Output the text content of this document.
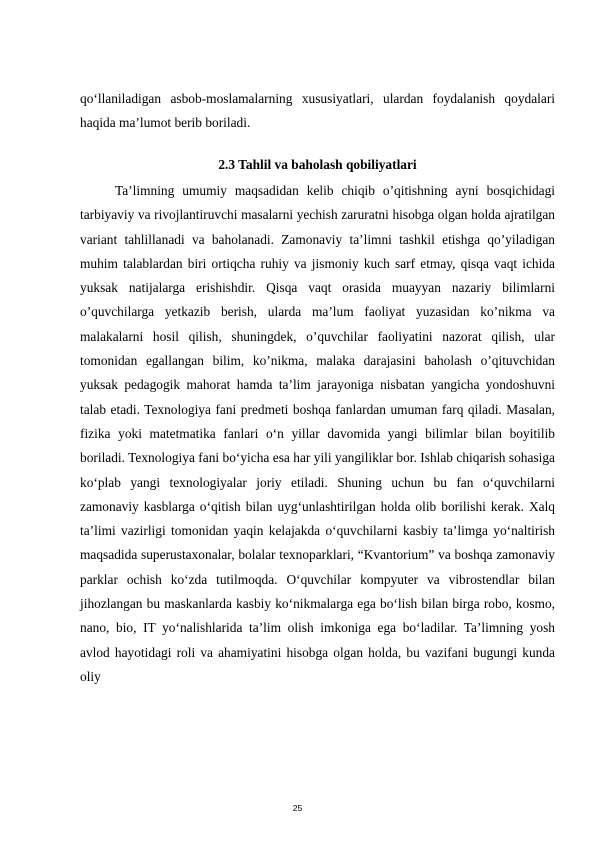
qo‘llaniladigan asbob-moslamalarning xususiyatlari, ulardan foydalanish qoydalari haqida ma’lumot berib boriladi.

2.3 Tahlil va baholash qobiliyatlari

Ta’limning umumiy maqsadidan kelib chiqib o’qitishning ayni bosqichidagi tarbiyaviy va rivojlantiruvchi masalarni yechish zaruratni hisobga olgan holda ajratilgan variant tahlillanadi va baholanadi. Zamonaviy ta’limni tashkil etishga qo’yiladigan muhim talablardan biri ortiqcha ruhiy va jismoniy kuch sarf etmay, qisqa vaqt ichida yuksak natijalarga erishishdir. Qisqa vaqt orasida muayyan nazariy bilimlarni o’quvchilarga yetkazib berish, ularda ma’lum faoliyat yuzasidan ko’nikma va malakalarni hosil qilish, shuningdek, o’quvchilar faoliyatini nazorat qilish, ular tomonidan egallangan bilim, ko’nikma, malaka darajasini baholash o’qituvchidan yuksak pedagogik mahorat hamda ta’lim jarayoniga nisbatan yangicha yondoshuvni talab etadi. Texnologiya fani predmeti boshqa fanlardan umuman farq qiladi. Masalan, fizika yoki matetmatika fanlari o‘n yillar davomida yangi bilimlar bilan boyitilib boriladi. Texnologiya fani bo‘yicha esa har yili yangiliklar bor. Ishlab chiqarish sohasiga ko‘plab yangi texnologiyalar joriy etiladi. Shuning uchun bu fan o‘quvchilarni zamonaviy kasblarga o‘qitish bilan uyg‘unlashtirilgan holda olib borilishi kerak. Xalq ta’limi vazirligi tomonidan yaqin kelajakda o‘quvchilarni kasbiy ta’limga yo‘naltirish maqsadida superustaxonalar, bolalar texnoparklari, “Kvantorium” va boshqa zamonaviy parklar ochish ko‘zda tutilmoqda. O‘quvchilar kompyuter va vibrostendlar bilan jihozlangan bu maskanlarda kasbiy ko‘nikmalarga ega bo‘lish bilan birga robo, kosmo, nano, bio, IT yo‘nalishlarida ta’lim olish imkoniga ega bo‘ladilar. Ta’limning yosh avlod hayotidagi roli va ahamiyatini hisobga olgan holda, bu vazifani bugungi kunda oliy

25
